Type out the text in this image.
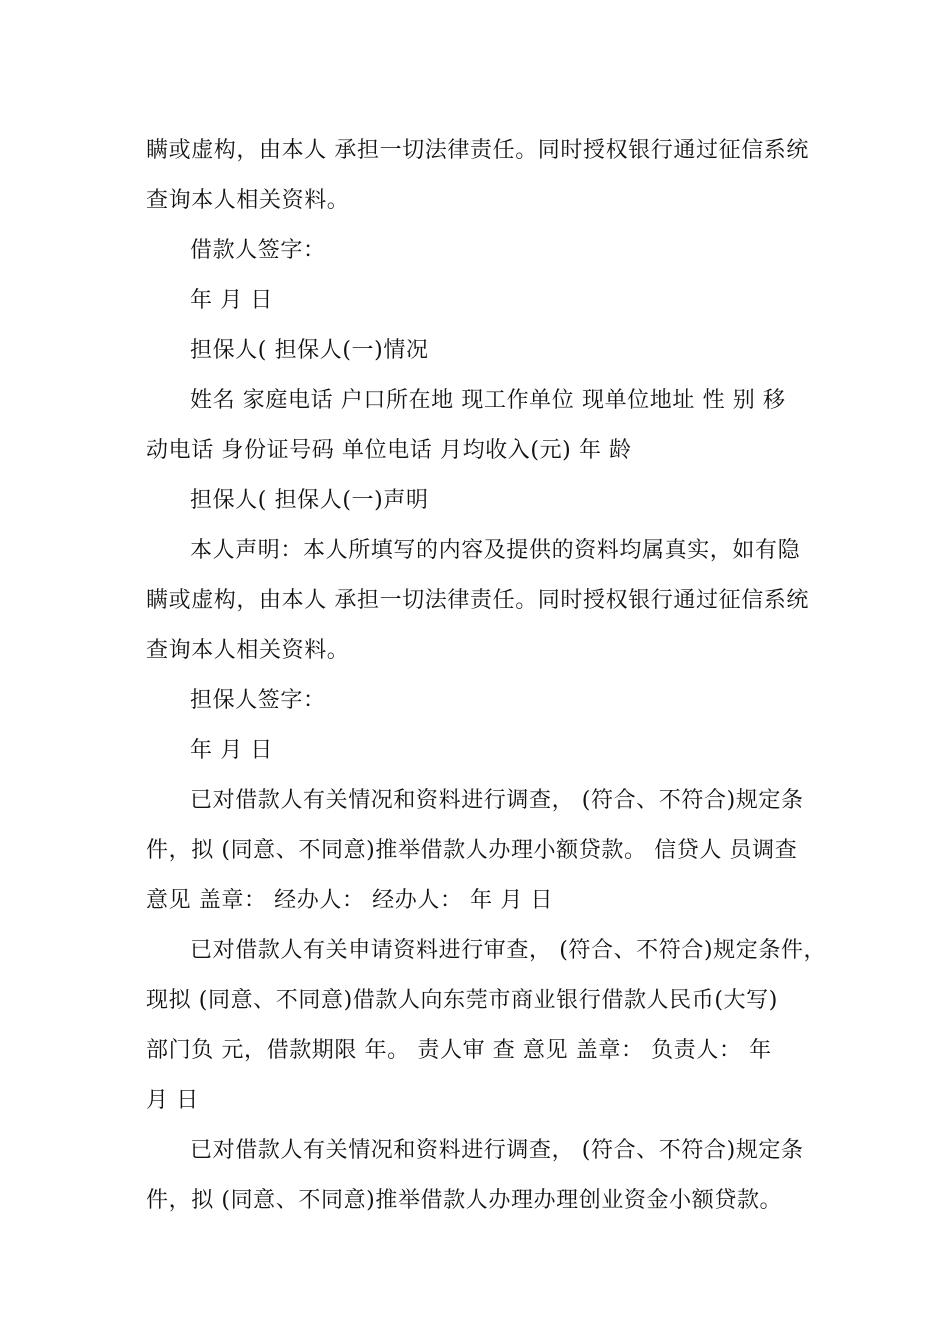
瞒或虚构，由本人 承担一切法律责任。同时授权银行通过征信系统
查询本人相关资料。
借款人签字：
年 月 日
担保人( 担保人(一)情况
姓名 家庭电话 户口所在地 现工作单位 现单位地址 性 别 移
动电话 身份证号码 单位电话 月均收入(元) 年 龄
担保人( 担保人(一)声明
本人声明：本人所填写的内容及提供的资料均属真实，如有隐
瞒或虚构，由本人 承担一切法律责任。同时授权银行通过征信系统
查询本人相关资料。
担保人签字：
年 月 日
已对借款人有关情况和资料进行调查， (符合、不符合)规定条
件，拟 (同意、不同意)推举借款人办理小额贷款。 信贷人 员调查
意见 盖章： 经办人： 经办人： 年 月 日
已对借款人有关申请资料进行审查， (符合、不符合)规定条件，
现拟 (同意、不同意)借款人向东莞市商业银行借款人民币(大写)
部门负 元，借款期限 年。 责人审 查 意见 盖章： 负责人： 年
月 日
已对借款人有关情况和资料进行调查， (符合、不符合)规定条
件，拟 (同意、不同意)推举借款人办理办理创业资金小额贷款。
